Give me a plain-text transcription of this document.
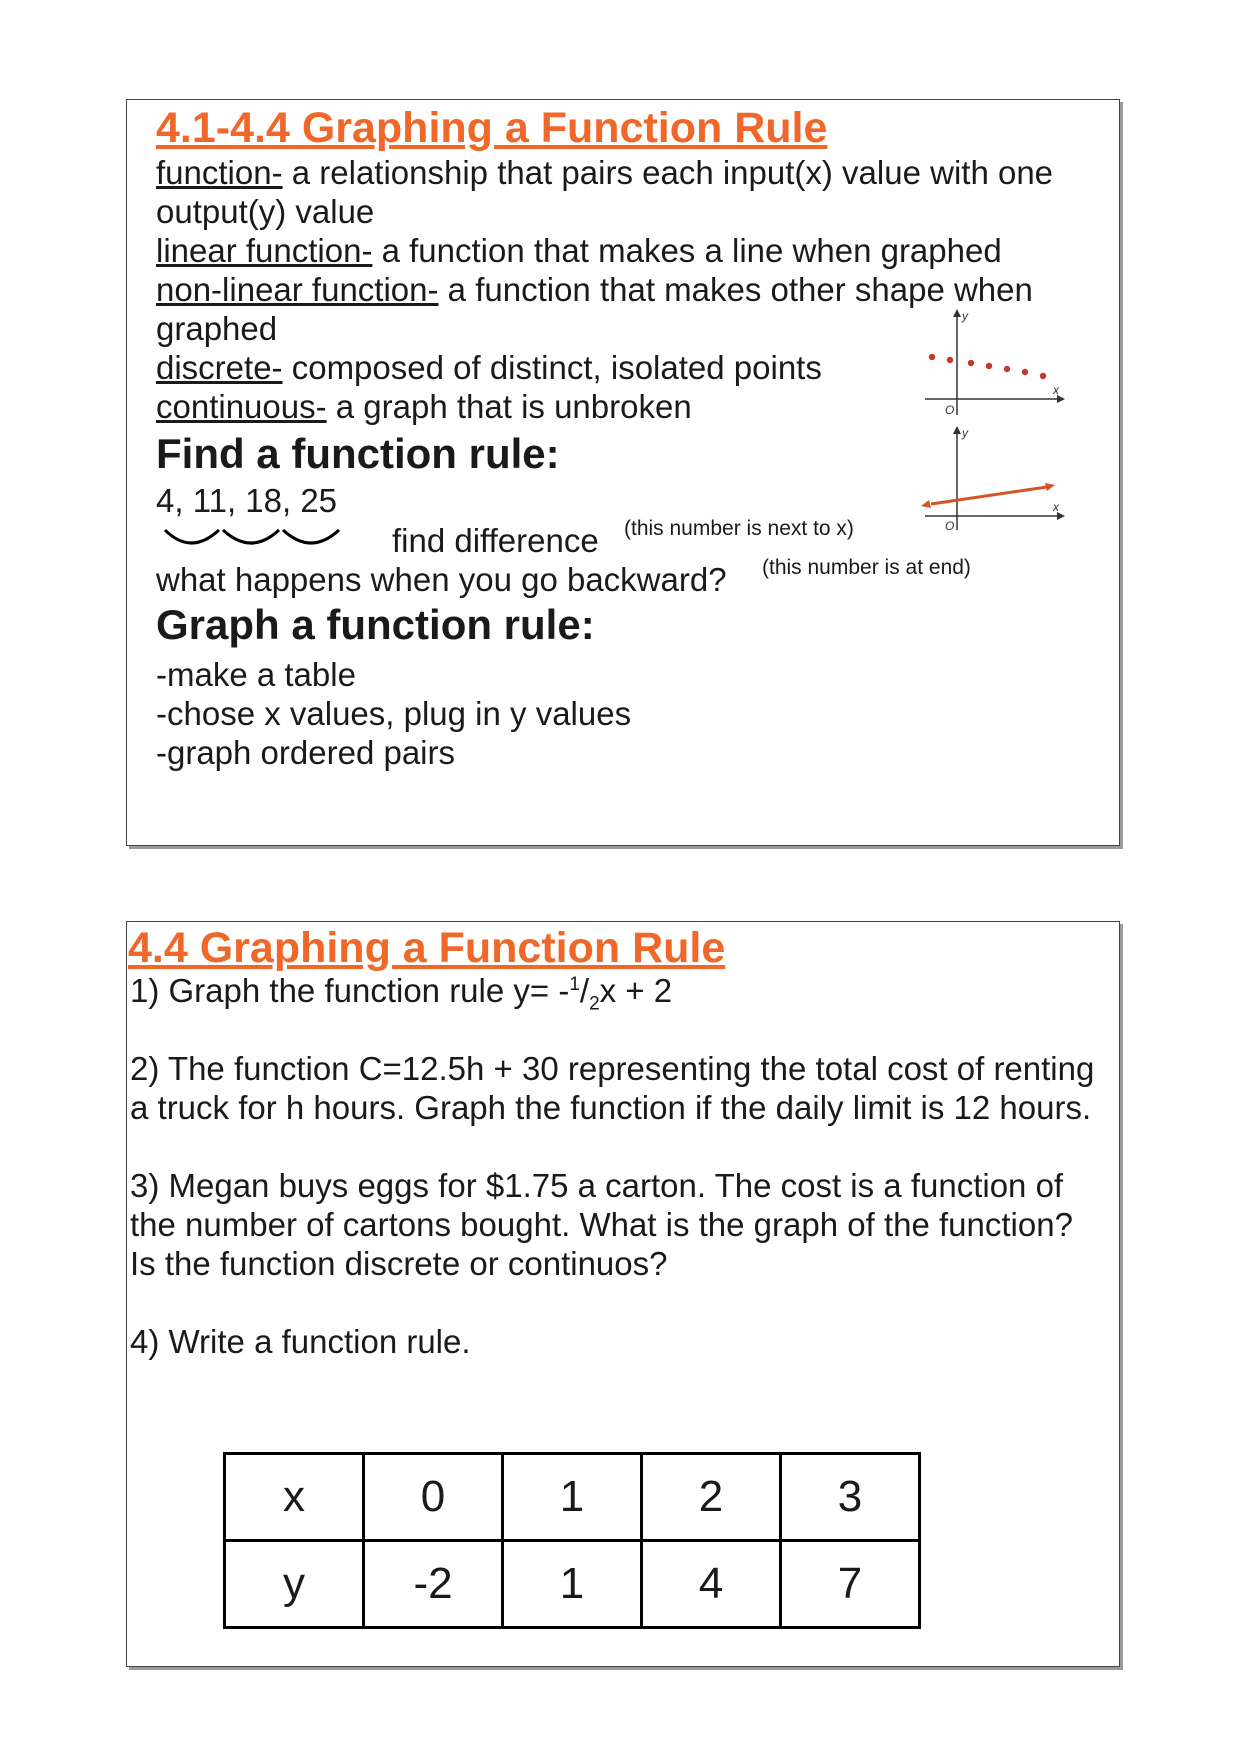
4.1-4.4 Graphing a Function Rule
function- a relationship that pairs each input(x) value with one
output(y) value
linear function- a function that makes a line when graphed
non-linear function- a function that makes other shape when
graphed
discrete- composed of distinct, isolated points
continuous- a graph that is unbroken
Find a function rule:
4, 11, 18, 25
find difference (this number is next to x)
what happens when you go backward? (this number is at end)
Graph a function rule:
-make a table
-chose x values, plug in y values
-graph ordered pairs
y
x
O
y
x
O
4.4 Graphing a Function Rule
1) Graph the function rule $y= -^1/_2x + 2$
2) The function C=12.5h + 30 representing the total cost of renting
a truck for h hours. Graph the function if the daily limit is 12 hours.
3) Megan buys eggs for $1.75 a carton. The cost is a function of
the number of cartons bought. What is the graph of the function?
Is the function discrete or continuos?
4) Write a function rule.
x	0	1	2	3
y	-2	1	4	7
